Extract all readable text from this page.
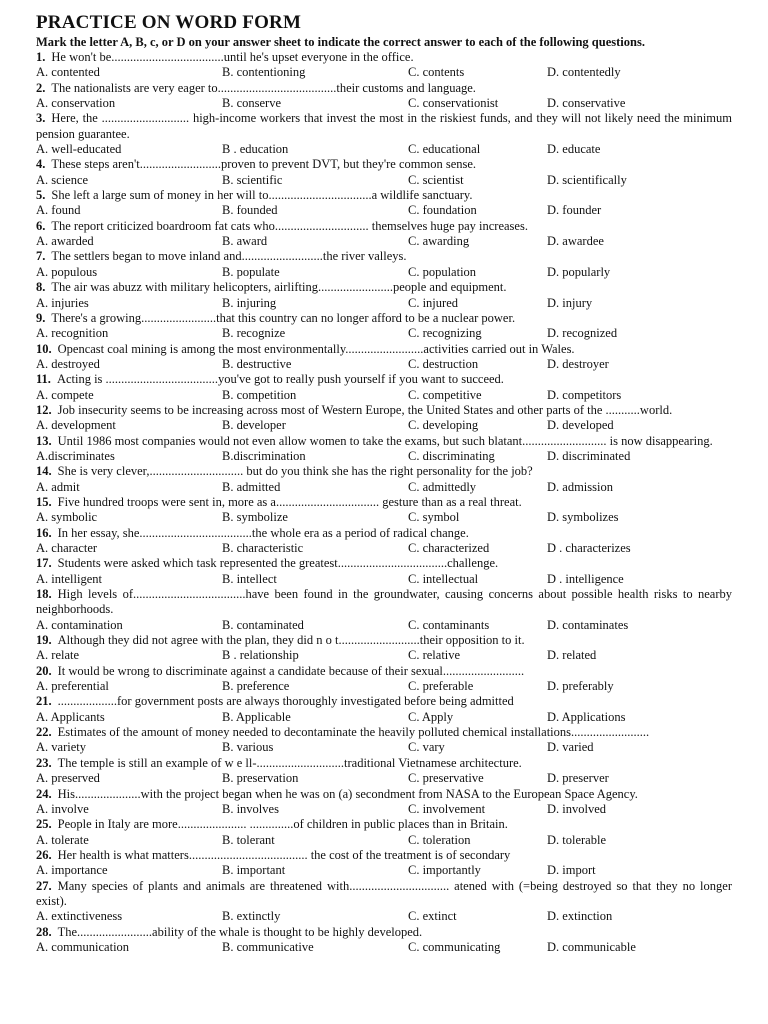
PRACTICE ON WORD FORM

Mark the letter A, B, c, or D on your answer sheet to indicate the correct answer to each of the following questions.

1. He won't be....................................until he's upset everyone in the office.

A. contented	B. contentioning	C. contents	D. contentedly

2. The nationalists are very eager to......................................their customs and language.

A. conservation	B. conserve	C. conservationist	D. conservative

3. Here, the ............................ high-income workers that invest the most in the riskiest funds, and they will not likely need the minimum pension guarantee.

A. well-educated	B . education	C. educational	D. educate

4. These steps aren't..........................proven to prevent DVT, but they're common sense.

A. science	B. scientific	C. scientist	D. scientifically

5. She left a large sum of money in her will to.................................a wildlife sanctuary.

A. found	B. founded	C. foundation	D. founder

6. The report criticized boardroom fat cats who.............................. themselves huge pay increases.

A. awarded	B. award	C. awarding	D. awardee

7. The settlers began to move inland and..........................the river valleys.

A. populous	B. populate	C. population	D. popularly

8. The air was abuzz with military helicopters, airlifting........................people and equipment.

A. injuries	B. injuring	C. injured	D. injury

9. There's a growing........................that this country can no longer afford to be a nuclear power.

A. recognition	B. recognize	C. recognizing	D. recognized

10. Opencast coal mining is among the most environmentally.........................activities carried out in Wales.

A. destroyed	B. destructive	C. destruction	D. destroyer

11. Acting is ....................................you've got to really push yourself if you want to succeed.

A. compete	B. competition	C. competitive	D. competitors

12. Job insecurity seems to be increasing across most of Western Europe, the United States and other parts of the ...........world.

A. development	B. developer	C. developing	D. developed

13. Until 1986 most companies would not even allow women to take the exams, but such blatant........................... is now disappearing.

A.discriminates	B.discrimination	C. discriminating	D. discriminated

14. She is very clever,.............................. but do you think she has the right personality for the job?

A. admit	B. admitted	C. admittedly	D. admission

15. Five hundred troops were sent in, more as a................................. gesture than as a real threat.

A. symbolic	B. symbolize	C. symbol	D. symbolizes

16. In her essay, she....................................the whole era as a period of radical change.

A. character	B. characteristic	C. characterized	D . characterizes

17. Students were asked which task represented the greatest...................................challenge.

A. intelligent	B. intellect	C. intellectual	D . intelligence

18. High levels of....................................have been found in the groundwater, causing concerns about possible health risks to nearby neighborhoods.

A. contamination	B. contaminated	C. contaminants	D. contaminates

19. Although they did not agree with the plan, they did n o t..........................their opposition to it.

A. relate	B . relationship	C. relative	D. related

20. It would be wrong to discriminate against a candidate because of their sexual..........................

A. preferential	B. preference	C. preferable	D. preferably

21. ...................for government posts are always thoroughly investigated before being admitted

A. Applicants	B. Applicable	C. Apply	D. Applications

22. Estimates of the amount of money needed to decontaminate the heavily polluted chemical installations.........................

A. variety	B. various	C. vary	D. varied

23. The temple is still an example of w e ll-............................traditional Vietnamese architecture.

A. preserved	B. preservation	C. preservative	D. preserver

24. His.....................with the project began when he was on (a) secondment from NASA to the European Space Agency.

A. involve	B. involves	C. involvement	D. involved

25. People in Italy are more...................... ..............of children in public places than in Britain.

A. tolerate	B. tolerant	C. toleration	D. tolerable

26. Her health is what matters...................................... the cost of the treatment is of secondary

A. importance	B. important	C. importantly	D. import

27. Many species of plants and animals are threatened with................................ atened with (=being destroyed so that they no longer exist).

A. extinctiveness	B. extinctly	C. extinct	D. extinction

28. The........................ability of the whale is thought to be highly developed.

A. communication	B. communicative	C. communicating	D. communicable
